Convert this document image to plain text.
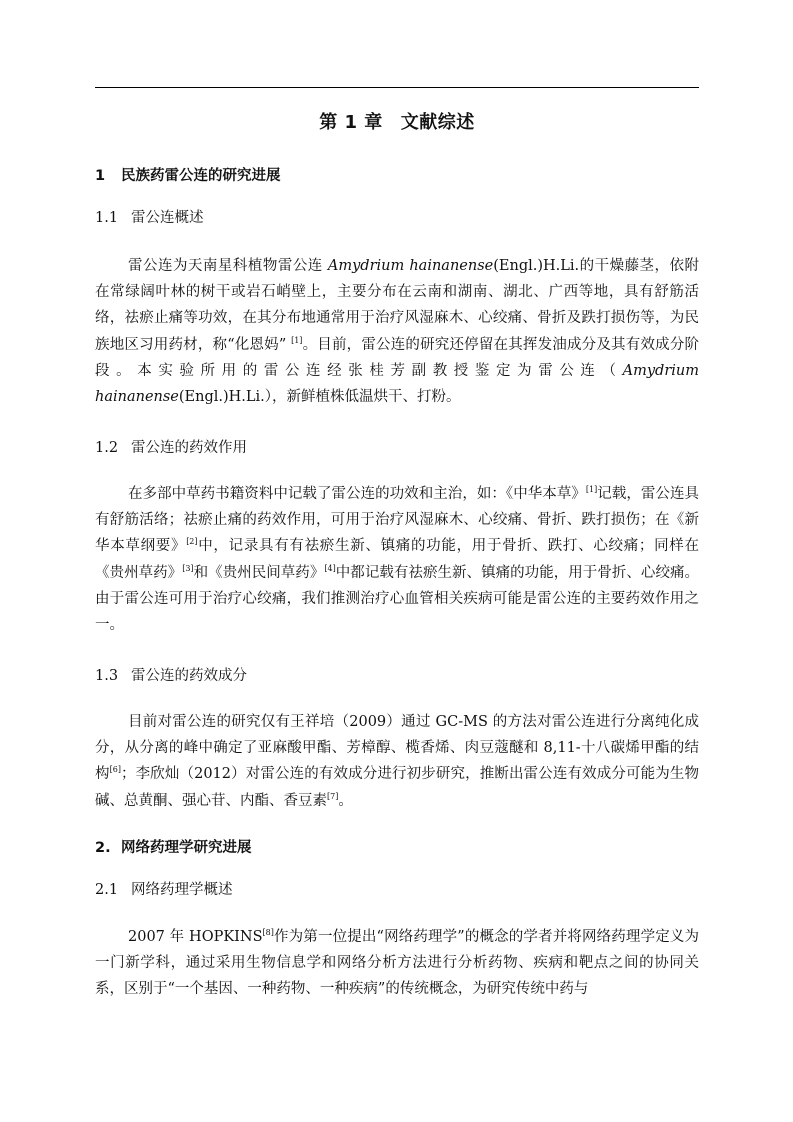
第 1 章 文献综述
1 民族药雷公连的研究进展
1.1 雷公连概述
雷公连为天南星科植物雷公连 Amydrium hainanense(Engl.)H.Li.的干燥藤茎，依附在常绿阔叶林的树干或岩石峭壁上，主要分布在云南和湖南、湖北、广西等地，具有舒筋活络，祛瘀止痛等功效，在其分布地通常用于治疗风湿麻木、心绞痛、骨折及跌打损伤等，为民族地区习用药材，称“化恩妈” [1]。目前，雷公连的研究还停留在其挥发油成分及其有效成分阶段。本实验所用的雷公连经张桂芳副教授鉴定为雷公连（Amydrium hainanense(Engl.)H.Li.），新鲜植株低温烘干、打粉。
1.2 雷公连的药效作用
在多部中草药书籍资料中记载了雷公连的功效和主治，如：《中华本草》[1]记载，雷公连具有舒筋活络；祛瘀止痛的药效作用，可用于治疗风湿麻木、心绞痛、骨折、跌打损伤；在《新华本草纲要》[2]中，记录具有有祛瘀生新、镇痛的功能，用于骨折、跌打、心绞痛；同样在《贵州草药》[3]和《贵州民间草药》[4]中都记载有祛瘀生新、镇痛的功能，用于骨折、心绞痛。由于雷公连可用于治疗心绞痛，我们推测治疗心血管相关疾病可能是雷公连的主要药效作用之一。
1.3 雷公连的药效成分
目前对雷公连的研究仅有王祥培（2009）通过 GC-MS 的方法对雷公连进行分离纯化成分，从分离的峰中确定了亚麻酸甲酯、芳樟醇、榄香烯、肉豆蔻醚和 8,11-十八碳烯甲酯的结构[6]；李欣灿（2012）对雷公连的有效成分进行初步研究，推断出雷公连有效成分可能为生物碱、总黄酮、强心苷、内酯、香豆素[7]。
2. 网络药理学研究进展
2.1 网络药理学概述
2007 年 HOPKINS[8]作为第一位提出“网络药理学”的概念的学者并将网络药理学定义为一门新学科，通过采用生物信息学和网络分析方法进行分析药物、疾病和靶点之间的协同关系，区别于“一个基因、一种药物、一种疾病”的传统概念，为研究传统中药与
